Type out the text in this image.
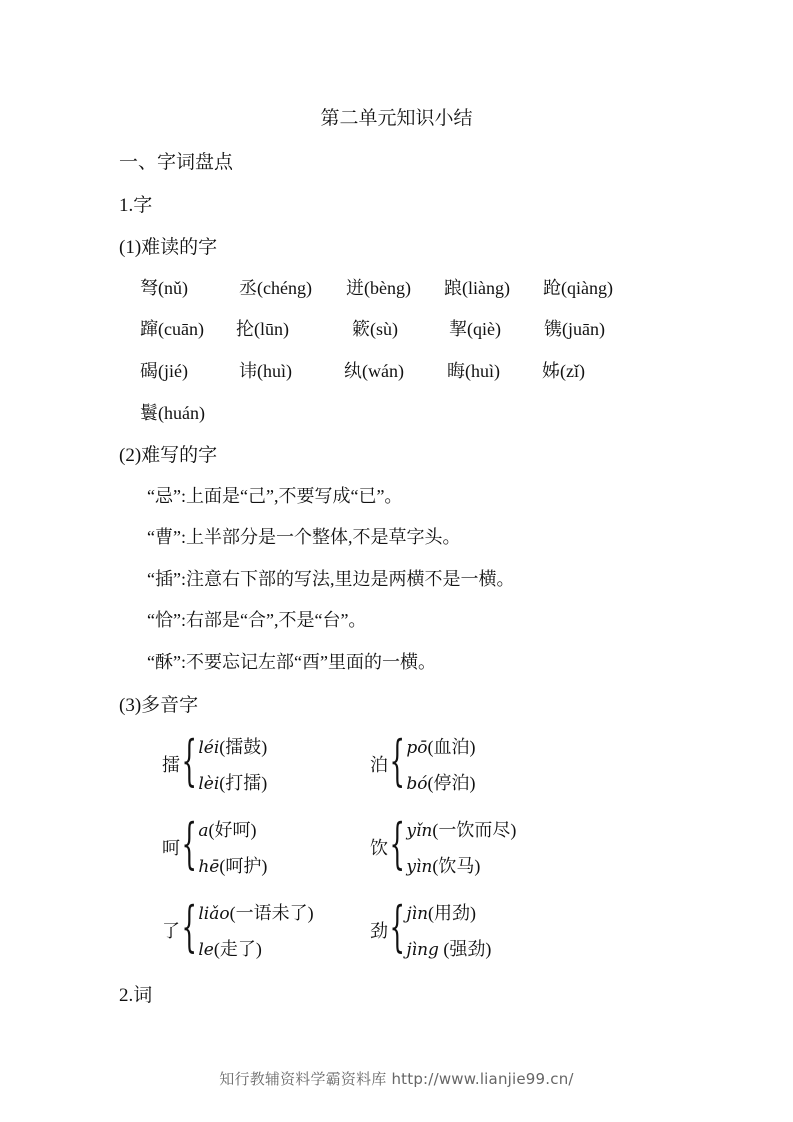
第二单元知识小结
一、字词盘点
1.字
(1)难读的字
弩(nǔ)	丞(chéng) 迸(bèng) 踉(liàng) 跄(qiàng)
蹿(cuān) 抡(lūn)	簌(sù)	挈(qiè) 镌(juān)
碣(jié)	讳(huì)	纨(wán) 晦(huì) 姊(zǐ)
鬟(huán)
(2)难写的字
“忌”:上面是“己”,不要写成“已”。
“曹”:上半部分是一个整体,不是草字头。
“插”:注意右下部的写法,里边是两横不是一横。
“恰”:右部是“合”,不是“台”。
“酥”:不要忘记左部“酉”里面的一横。
(3)多音字
擂 { léi(擂鼓)
lèi(打擂)
泊 { pō(血泊)
bó(停泊)
呵 { a(好呵)
hē(呵护)
饮 { yǐn(一饮而尽)
yìn(饮马)
了 { liǎo(一语未了)
le(走了)
劲 { jìn(用劲)
jìng (强劲)
2.词
知行教辅资料学霸资料库 http://www.lianjie99.cn/
